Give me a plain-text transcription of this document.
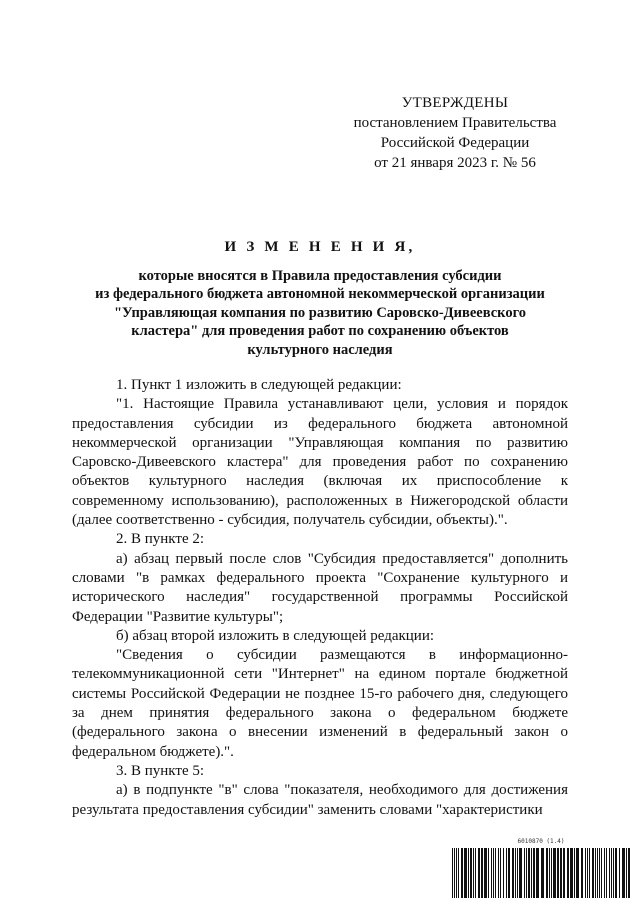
УТВЕРЖДЕНЫ
постановлением Правительства
Российской Федерации
от 21 января 2023 г. № 56
И З М Е Н Е Н И Я,
которые вносятся в Правила предоставления субсидии
из федерального бюджета автономной некоммерческой организации
"Управляющая компания по развитию Саровско-Дивеевского
кластера" для проведения работ по сохранению объектов
культурного наследия

1. Пункт 1 изложить в следующей редакции:

"1. Настоящие Правила устанавливают цели, условия и порядок предоставления субсидии из федерального бюджета автономной некоммерческой организации "Управляющая компания по развитию Саровско-Дивеевского кластера" для проведения работ по сохранению объектов культурного наследия (включая их приспособление к современному использованию), расположенных в Нижегородской области (далее соответственно - субсидия, получатель субсидии, объекты).".

2. В пункте 2:

а) абзац первый после слов "Субсидия предоставляется" дополнить словами "в рамках федерального проекта "Сохранение культурного и исторического наследия" государственной программы Российской Федерации "Развитие культуры";

б) абзац второй изложить в следующей редакции:

"Сведения о субсидии размещаются в информационно-телекоммуникационной сети "Интернет" на едином портале бюджетной системы Российской Федерации не позднее 15-го рабочего дня, следующего за днем принятия федерального закона о федеральном бюджете (федерального закона о внесении изменений в федеральный закон о федеральном бюджете).".

3. В пункте 5:

а) в подпункте "в" слова "показателя, необходимого для достижения результата предоставления субсидии" заменить словами "характеристики

6010870 (1.4)
